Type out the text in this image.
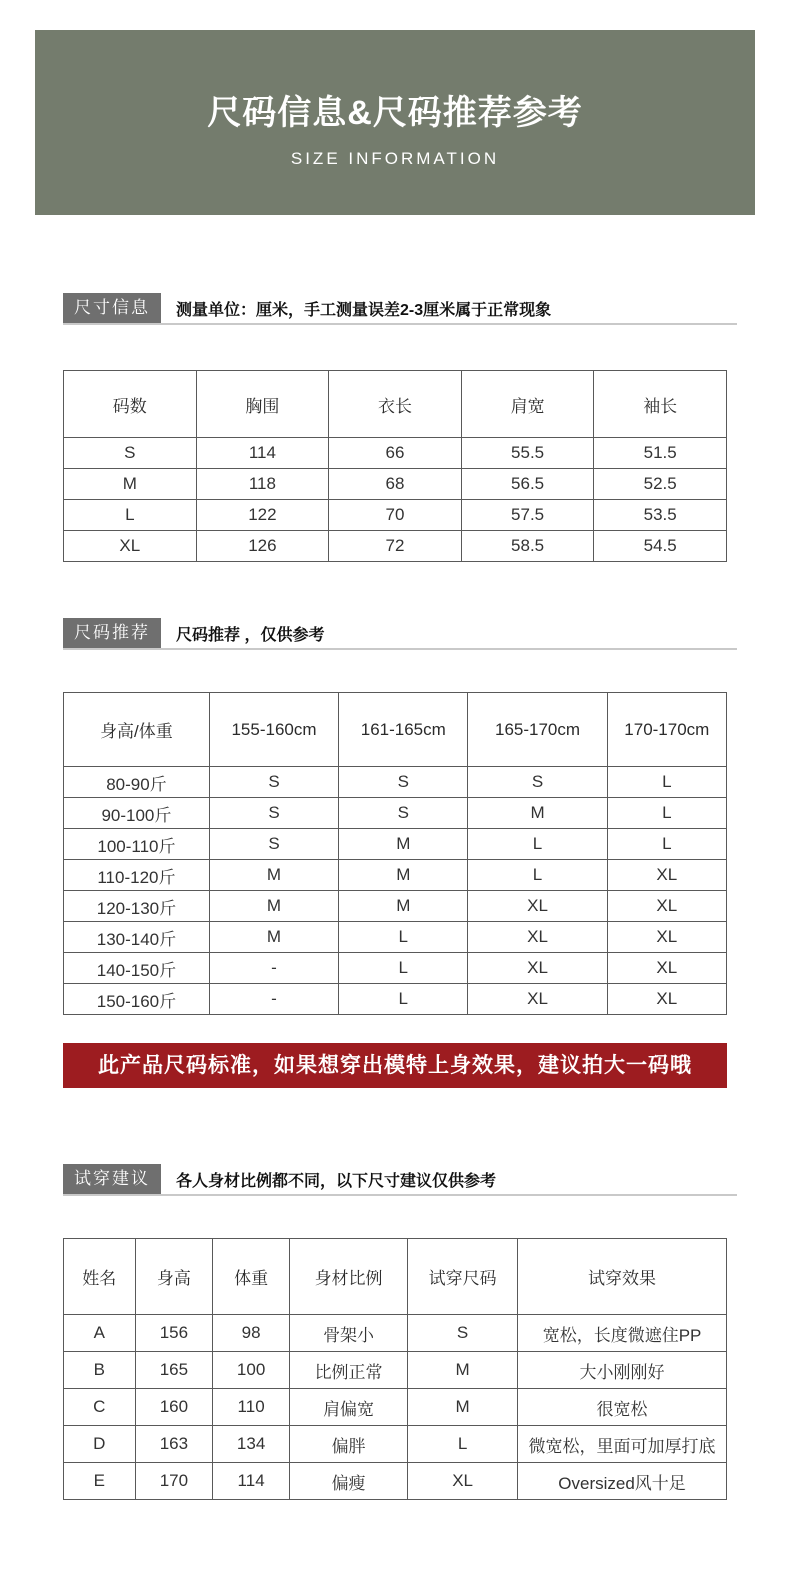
尺码信息&尺码推荐参考
SIZE INFORMATION
尺寸信息	测量单位：厘米，手工测量误差2-3厘米属于正常现象
码数	胸围	衣长	肩宽	袖长
S	114	66	55.5	51.5
M	118	68	56.5	52.5
L	122	70	57.5	53.5
XL	126	72	58.5	54.5
尺码推荐	尺码推荐 ，仅供参考
身高/体重	155-160cm	161-165cm	165-170cm	170-170cm
80-90斤	S	S	S	L
90-100斤	S	S	M	L
100-110斤	S	M	L	L
110-120斤	M	M	L	XL
120-130斤	M	M	XL	XL
130-140斤	M	L	XL	XL
140-150斤	-	L	XL	XL
150-160斤	-	L	XL	XL
此产品尺码标准，如果想穿出模特上身效果，建议拍大一码哦
试穿建议	各人身材比例都不同，以下尺寸建议仅供参考
姓名	身高	体重	身材比例	试穿尺码	试穿效果
A	156	98	骨架小	S	宽松，长度微遮住PP
B	165	100	比例正常	M	大小刚刚好
C	160	110	肩偏宽	M	很宽松
D	163	134	偏胖	L	微宽松，里面可加厚打底
E	170	114	偏瘦	XL	Oversized风十足
